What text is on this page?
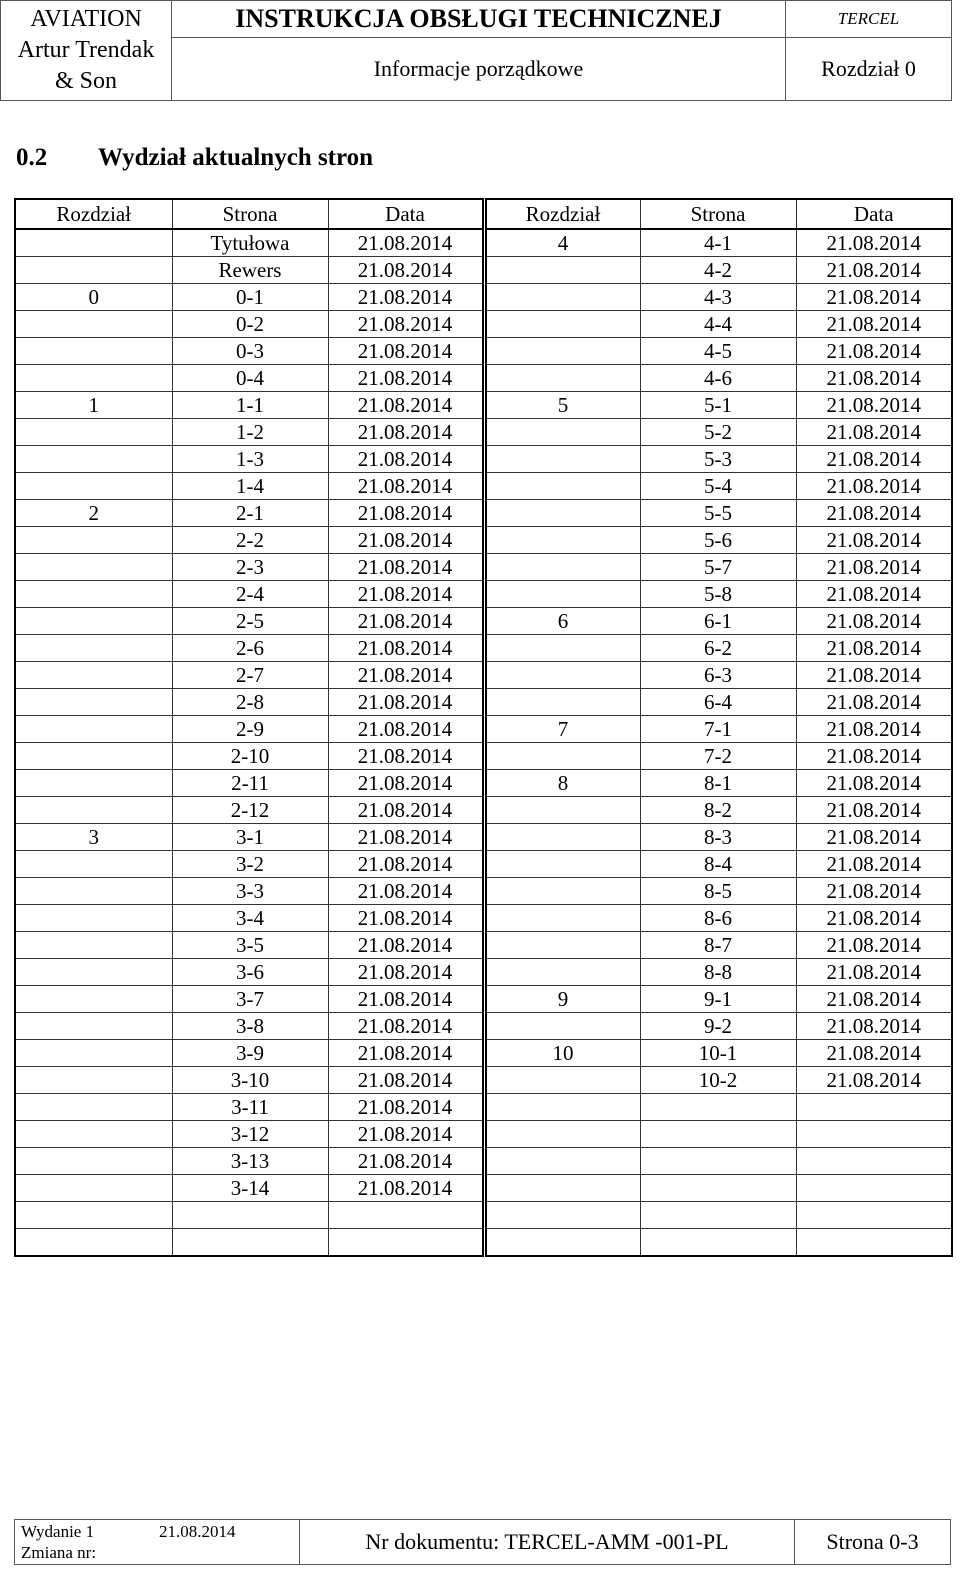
AVIATION
Artur Trendak
& Son	INSTRUKCJA OBSŁUGI TECHNICZNEJ	TERCEL
	Informacje porządkowe	Rozdział 0
0.2 Wydział aktualnych stron
Rozdział	Strona	Data	Rozdział	Strona	Data
	Tytułowa	21.08.2014	4	4-1	21.08.2014
	Rewers	21.08.2014		4-2	21.08.2014
0	0-1	21.08.2014		4-3	21.08.2014
	0-2	21.08.2014		4-4	21.08.2014
	0-3	21.08.2014		4-5	21.08.2014
	0-4	21.08.2014		4-6	21.08.2014
1	1-1	21.08.2014	5	5-1	21.08.2014
	1-2	21.08.2014		5-2	21.08.2014
	1-3	21.08.2014		5-3	21.08.2014
	1-4	21.08.2014		5-4	21.08.2014
2	2-1	21.08.2014		5-5	21.08.2014
	2-2	21.08.2014		5-6	21.08.2014
	2-3	21.08.2014		5-7	21.08.2014
	2-4	21.08.2014		5-8	21.08.2014
	2-5	21.08.2014	6	6-1	21.08.2014
	2-6	21.08.2014		6-2	21.08.2014
	2-7	21.08.2014		6-3	21.08.2014
	2-8	21.08.2014		6-4	21.08.2014
	2-9	21.08.2014	7	7-1	21.08.2014
	2-10	21.08.2014		7-2	21.08.2014
	2-11	21.08.2014	8	8-1	21.08.2014
	2-12	21.08.2014		8-2	21.08.2014
3	3-1	21.08.2014		8-3	21.08.2014
	3-2	21.08.2014		8-4	21.08.2014
	3-3	21.08.2014		8-5	21.08.2014
	3-4	21.08.2014		8-6	21.08.2014
	3-5	21.08.2014		8-7	21.08.2014
	3-6	21.08.2014		8-8	21.08.2014
	3-7	21.08.2014	9	9-1	21.08.2014
	3-8	21.08.2014		9-2	21.08.2014
	3-9	21.08.2014	10	10-1	21.08.2014
	3-10	21.08.2014		10-2	21.08.2014
	3-11	21.08.2014			
	3-12	21.08.2014			
	3-13	21.08.2014			
	3-14	21.08.2014			

Wydanie 1	21.08.2014
Zmiana nr:	Nr dokumentu: TERCEL-AMM -001-PL	Strona 0-3
